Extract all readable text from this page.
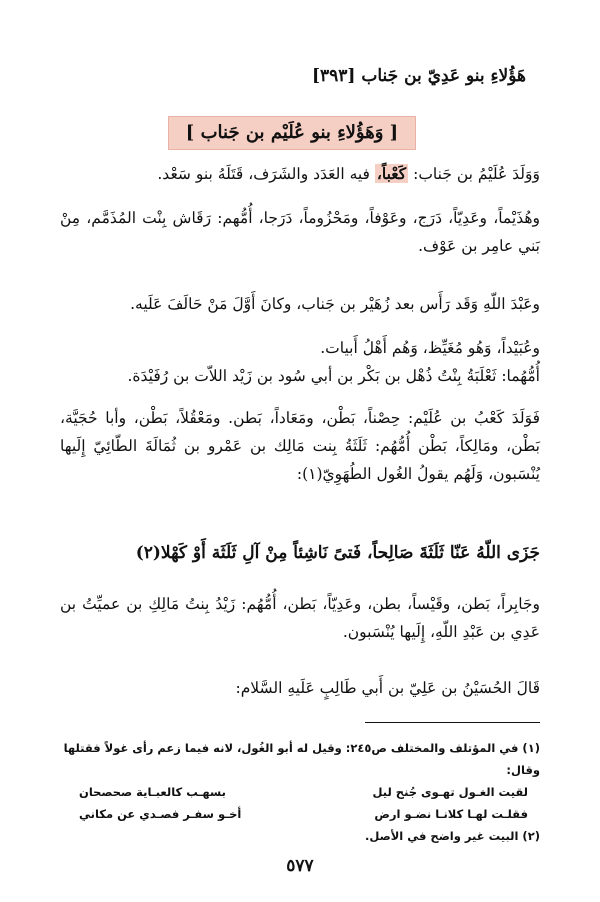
هَؤُلاءِ بنو عَدِيّ بن جَناب [٣٩٣]
[ وَهَؤُلاءِ بنو عُلَيْم بن جَناب ]

وَوَلَدَ عُلَيْمُ بن جَناب: كَعْباً، فيه العَدَد والشَرَف، قَتَلَهُ بنو سَعْد.

وهُذَيْماً، وعَدِيّاً، دَرَج، وعَوْفاً، ومَحْزُوماً، دَرَجا، أُمُّهم: رَقَاش بِنْت المُذَمَّم، مِنْ بَني عامِر بن عَوْف.

وعَبْدَ اللّهِ وَقَد رَأَس بعد زُهَيْر بن جَناب، وكانَ أَوَّلَ مَنْ حَالَفَ عَلَيه.

وعُبَيْداً، وَهُو مُغَيِّظ، وَهُم أَهْلُ أَبيات.

أُمُّهُما: ثَعْلَبَةُ بِنْتُ ذُهْل بن بَكْر بن أبي سُود بن زَيْد اللاّت بن رُفَيْدَة.

فَوَلَدَ كَعْبُ بن عُلَيْم: حِصْناً، بَطْن، ومَعَاداً، بَطن. ومَعْقُلاً، بَطْن، وأبا حُجَيَّة، بَطْن، ومَالِكاً، بَطْن أُمُّهُم: ثَلَثَةُ بِنت مَالِك بن عَمْرو بن ثُمَالَةَ الطّائِيّ إِلَيها يُنْسَبون، وَلَهُم يقولُ الغُول الطُهَوِيّ(١):

جَزَى اللّهُ عَنّا ثَلَثَةَ صَالِحاً، فَتىً نَاشِئاً مِنْ آلِ ثَلَثَة أَوْ كَهْلا(٢)

وجَابِراً، بَطن، وقَيْساً، بطن، وعَدِيّاً، بَطن، أُمُّهُم: زَيْدُ بِنتُ مَالِكِ بن عميِّتُ بن عَدِي بن عَبْدِ اللّهِ، إِلَيها يُنْسَبون.

قَالَ الحُسَيْنُ بن عَلِيّ بن أَبي طَالِبٍ عَلَيهِ السَّلام:

(١) في المؤتلف والمختلف ص٢٤٥: وقيل له أبو الغُول، لانه فيما زعم رأى غولاً فقتلها وقال:
لقيت الغـول تهـوى جُنح ليل
بسهـب كالعبـاية صحصحان
فقلـت لهـا كلانـا نضـو ارض
أخـو سفـر فصـدي عن مكاني
(٢) البيت غير واضح في الأصل.
٥٧٧
